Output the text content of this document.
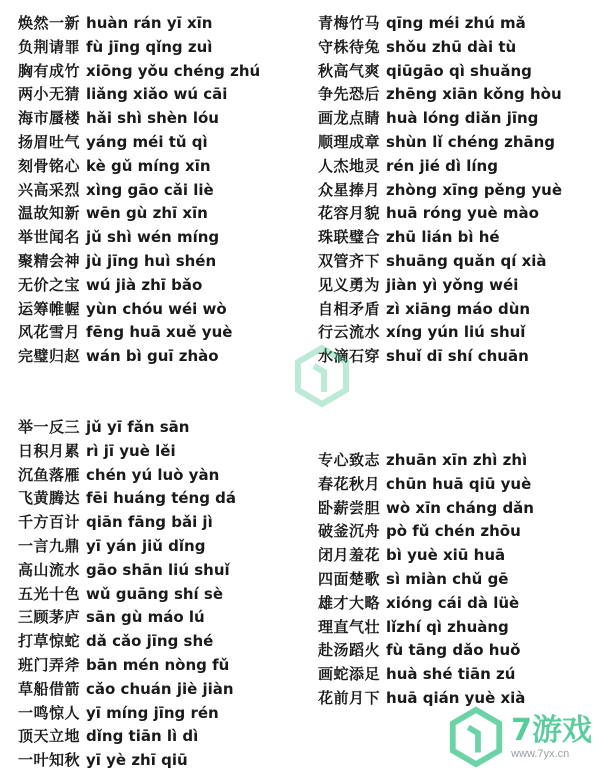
焕然一新 huàn rán yī xīn
负荆请罪 fù jīng qǐng zuì
胸有成竹 xiōng yǒu chéng zhú
两小无猜 liǎng xiǎo wú cāi
海市蜃楼 hǎi shì shèn lóu
扬眉吐气 yáng méi tǔ qì
刻骨铭心 kè gǔ míng xīn
兴高采烈 xìng gāo cǎi liè
温故知新 wēn gù zhī xīn
举世闻名 jǔ shì wén míng
聚精会神 jù jīng huì shén
无价之宝 wú jià zhī bǎo
运筹帷幄 yùn chóu wéi wò
风花雪月 fēng huā xuě yuè
完璧归赵 wán bì guī zhào
青梅竹马 qīng méi zhú mǎ
守株待兔 shǒu zhū dài tù
秋高气爽 qiūgāo qì shuǎng
争先恐后 zhēng xiān kǒng hòu
画龙点睛 huà lóng diǎn jīng
顺理成章 shùn lǐ chéng zhāng
人杰地灵 rén jié dì líng
众星捧月 zhòng xīng pěng yuè
花容月貌 huā róng yuè mào
珠联璧合 zhū lián bì hé
双管齐下 shuāng quǎn qí xià
见义勇为 jiàn yì yǒng wéi
自相矛盾 zì xiāng máo dùn
行云流水 xíng yún liú shuǐ
水滴石穿 shuǐ dī shí chuān
举一反三 jǔ yī fǎn sān
日积月累 rì jī yuè lěi
沉鱼落雁 chén yú luò yàn
飞黄腾达 fēi huáng téng dá
千方百计 qiān fāng bǎi jì
一言九鼎 yī yán jiǔ dǐng
高山流水 gāo shān liú shuǐ
五光十色 wǔ guāng shí sè
三顾茅庐 sān gù máo lú
打草惊蛇 dǎ cǎo jīng shé
班门弄斧 bān mén nòng fǔ
草船借箭 cǎo chuán jiè jiàn
一鸣惊人 yī míng jīng rén
顶天立地 dǐng tiān lì dì
一叶知秋 yī yè zhī qiū
专心致志 zhuān xīn zhì zhì
春花秋月 chūn huā qiū yuè
卧薪尝胆 wò xīn cháng dǎn
破釜沉舟 pò fǔ chén zhōu
闭月羞花 bì yuè xiū huā
四面楚歌 sì miàn chǔ gē
雄才大略 xióng cái dà lüè
理直气壮 lǐzhí qì zhuàng
赴汤蹈火 fù tāng dǎo huǒ
画蛇添足 huà shé tiān zú
花前月下 huā qián yuè xià
7游戏
www.7yx.cn
